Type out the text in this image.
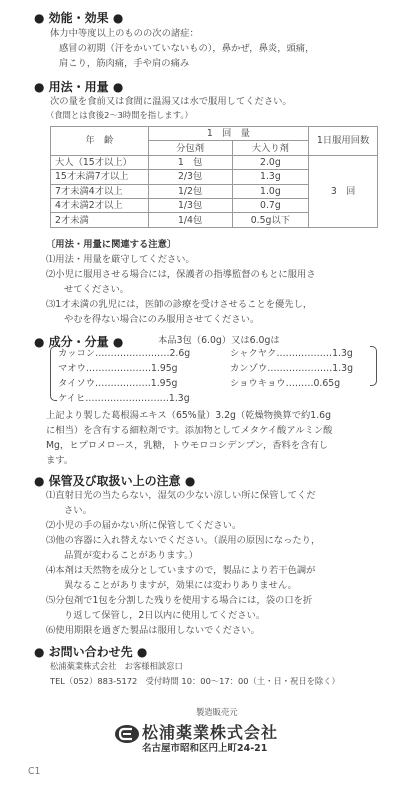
● 効能・効果 ●
体力中等度以上のものの次の諸症：
感冒の初期（汗をかいていないもの），鼻かぜ，鼻炎，頭痛，
肩こり，筋肉痛，手や肩の痛み
● 用法・用量 ●
次の量を食前又は食間に温湯又は水で服用してください。
（食間とは食後2〜3時間を指します。）
年　齢	1　回　量		1日服用回数
	分包剤	大入り剤	
大人（15才以上）	1　包	2.0g	3　回
15才未満7才以上	2/3包	1.3g	
7才未満4才以上	1/2包	1.0g	
4才未満2才以上	1/3包	0.7g	
2才未満	1/4包	0.5g以下	
〔用法・用量に関連する注意〕
⑴用法・用量を厳守してください。
⑵小児に服用させる場合には，保護者の指導監督のもとに服用さ
せてください。
⑶1才未満の乳児には，医師の診療を受けさせることを優先し，
やむを得ない場合にのみ服用させてください。
● 成分・分量 ●	本品3包（6.0g）又は6.0gは
カッコン……………………2.6g
マオウ…………………1.95g
タイソウ………………1.95g
ケイヒ………………………1.3g
シャクヤク………………1.3g
カンゾウ…………………1.3g
ショウキョウ………0.65g
上記より製した葛根湯エキス（65%量）3.2g（乾燥物換算で約1.6g
に相当）を含有する細粒剤です。添加物としてメタケイ酸アルミン酸
Mg，ヒプロメロース，乳糖，トウモロコシデンプン，香料を含有し
ます。
● 保管及び取扱い上の注意 ●
⑴直射日光の当たらない，湿気の少ない涼しい所に保管してくだ
さい。
⑵小児の手の届かない所に保管してください。
⑶他の容器に入れ替えないでください。（誤用の原因になったり，
品質が変わることがあります。）
⑷本剤は天然物を成分としていますので，製品により若干色調が
異なることがありますが，効果には変わりありません。
⑸分包剤で1包を分割した残りを使用する場合には，袋の口を折
り返して保管し，2日以内に使用してください。
⑹使用期限を過ぎた製品は服用しないでください。
● お問い合わせ先 ●
松浦薬業株式会社　お客様相談窓口
TEL（052）883-5172　受付時間 10：00〜17：00（土・日・祝日を除く）
製造販売元
松浦薬業株式会社
名古屋市昭和区円上町24-21
C1
